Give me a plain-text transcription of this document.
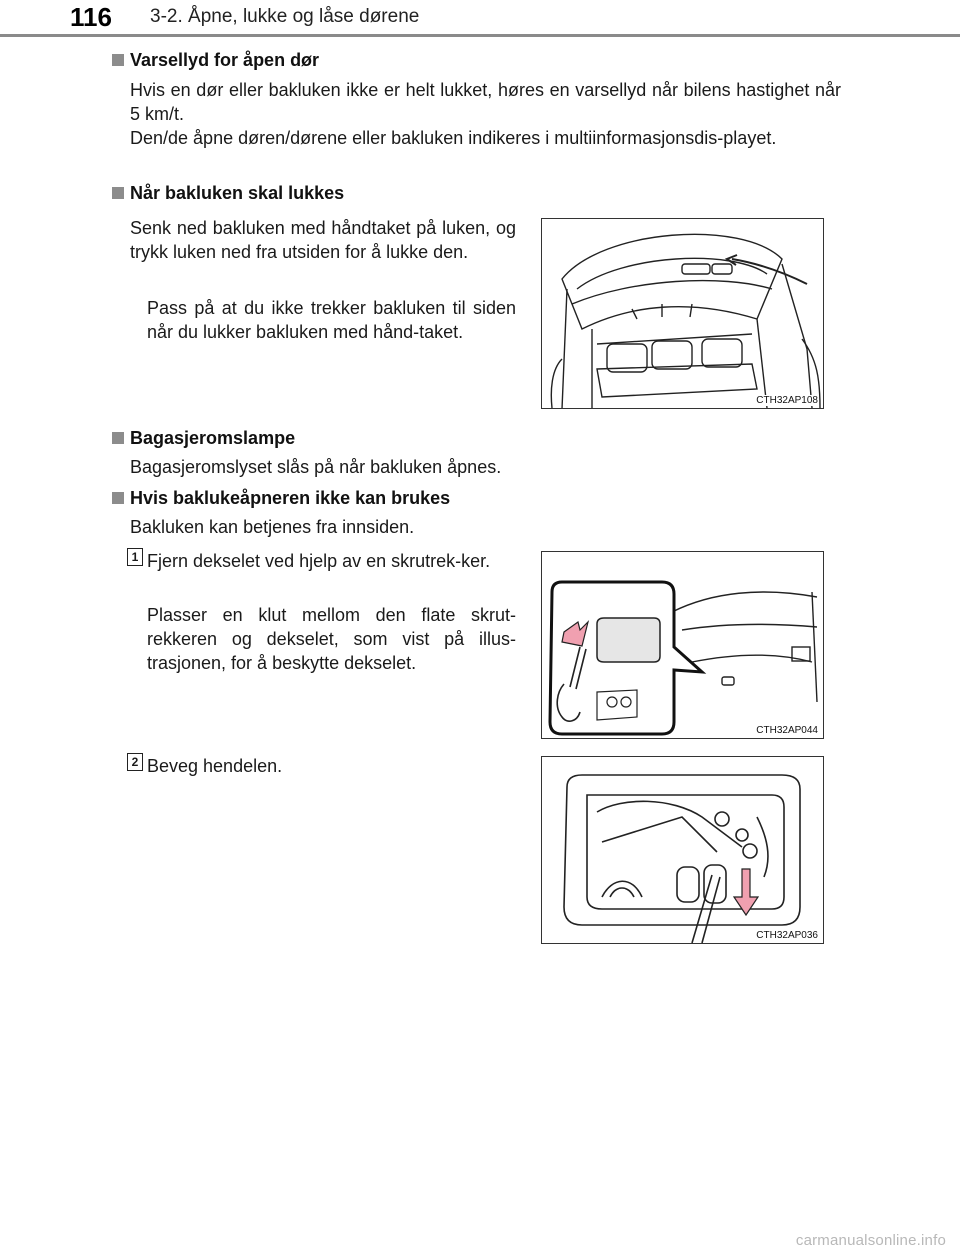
116 3-2. Åpne, lukke og låse dørene
Varsellyd for åpen dør
Hvis en dør eller bakluken ikke er helt lukket, høres en varsellyd når bilens hastighet når 5 km/t.
Den/de åpne døren/dørene eller bakluken indikeres i multiinformasjonsdis-playet.
Når bakluken skal lukkes
Senk ned bakluken med håndtaket på luken, og trykk luken ned fra utsiden for å lukke den.
Pass på at du ikke trekker bakluken til siden når du lukker bakluken med hånd-taket.
CTH32AP108
Bagasjeromslampe
Bagasjeromslyset slås på når bakluken åpnes.
Hvis baklukeåpneren ikke kan brukes
Bakluken kan betjenes fra innsiden.
1 Fjern dekselet ved hjelp av en skrutrek-ker.
Plasser en klut mellom den flate skrut-rekkeren og dekselet, som vist på illus-trasjonen, for å beskytte dekselet.
CTH32AP044
2 Beveg hendelen.
CTH32AP036
carmanualsonline.info
